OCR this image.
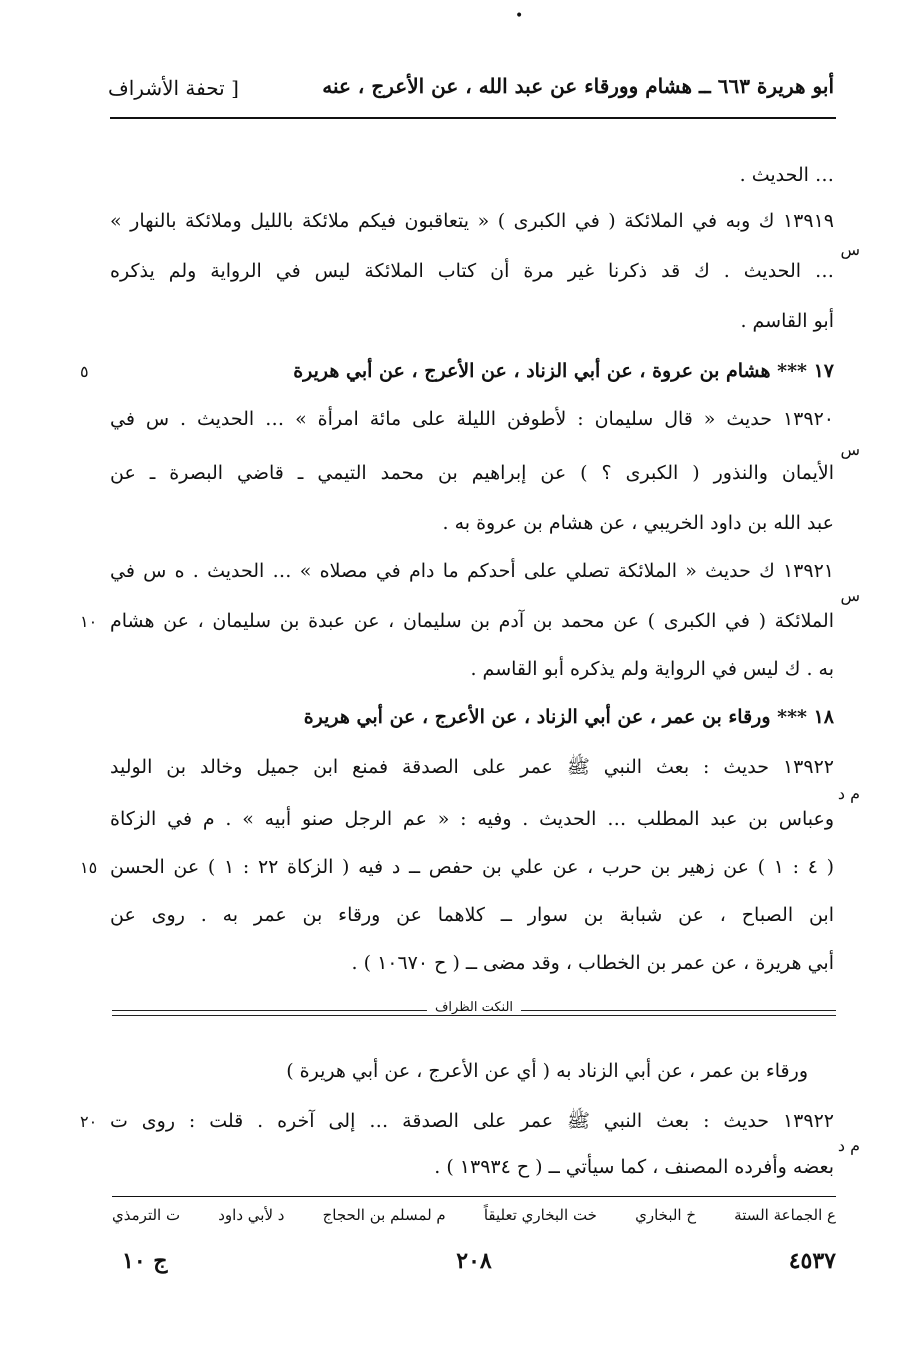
•
أبو هريرة ٦٦٣ ــ هشام وورقاء عن عبد الله ، عن الأعرج ، عنه
[ تحفة الأشراف
… الحديث .
١٣٩١٩ ﻙ وبه في الملائكة ( في الكبرى ) « يتعاقبون فيكم ملائكة بالليل وملائكة بالنهار »
… الحديث . ﻙ قد ذكرنا غير مرة أن كتاب الملائكة ليس في الرواية ولم يذكره
أبو القاسم .
١٧ *** هشام بن عروة ، عن أبي الزناد ، عن الأعرج ، عن أبي هريرة
١٣٩٢٠ حديث « قال سليمان : لأطوفن الليلة على مائة امرأة » … الحديث . س في
الأيمان والنذور ( الكبرى ؟ ) عن إبراهيم بن محمد التيمي ـ قاضي البصرة ـ عن
عبد الله بن داود الخريبي ، عن هشام بن عروة به .
١٣٩٢١ ﻙ حديث « الملائكة تصلي على أحدكم ما دام في مصلاه » … الحديث . ه س في
الملائكة ( في الكبرى ) عن محمد بن آدم بن سليمان ، عن عبدة بن سليمان ، عن هشام
به . ﻙ ليس في الرواية ولم يذكره أبو القاسم .
١٨ *** ورقاء بن عمر ، عن أبي الزناد ، عن الأعرج ، عن أبي هريرة
١٣٩٢٢ حديث : بعث النبي ﷺ عمر على الصدقة فمنع ابن جميل وخالد بن الوليد
وعباس بن عبد المطلب … الحديث . وفيه : « عم الرجل صنو أبيه » . م في الزكاة
( ٤ : ١ ) عن زهير بن حرب ، عن علي بن حفص ــ د فيه ( الزكاة ٢٢ : ١ ) عن الحسن
ابن الصباح ، عن شبابة بن سوار ــ كلاهما عن ورقاء بن عمر به . روى عن
أبي هريرة ، عن عمر بن الخطاب ، وقد مضى ــ ( ح ١٠٦٧٠ ) .
٥
١٠
١٥
٢٠
س
س
س
م د
م د
النكت الظراف
ورقاء بن عمر ، عن أبي الزناد به ( أي عن الأعرج ، عن أبي هريرة )
١٣٩٢٢ حديث : بعث النبي ﷺ عمر على الصدقة … إلى آخره . قلت : روى ت
بعضه وأفرده المصنف ، كما سيأتي ــ ( ح ١٣٩٣٤ ) .
ع الجماعة الستة
خ البخاري
خت البخاري تعليقاً
م لمسلم بن الحجاج
د لأبي داود
ت الترمذي
٤٥٣٧
٢٠٨
ج ١٠
